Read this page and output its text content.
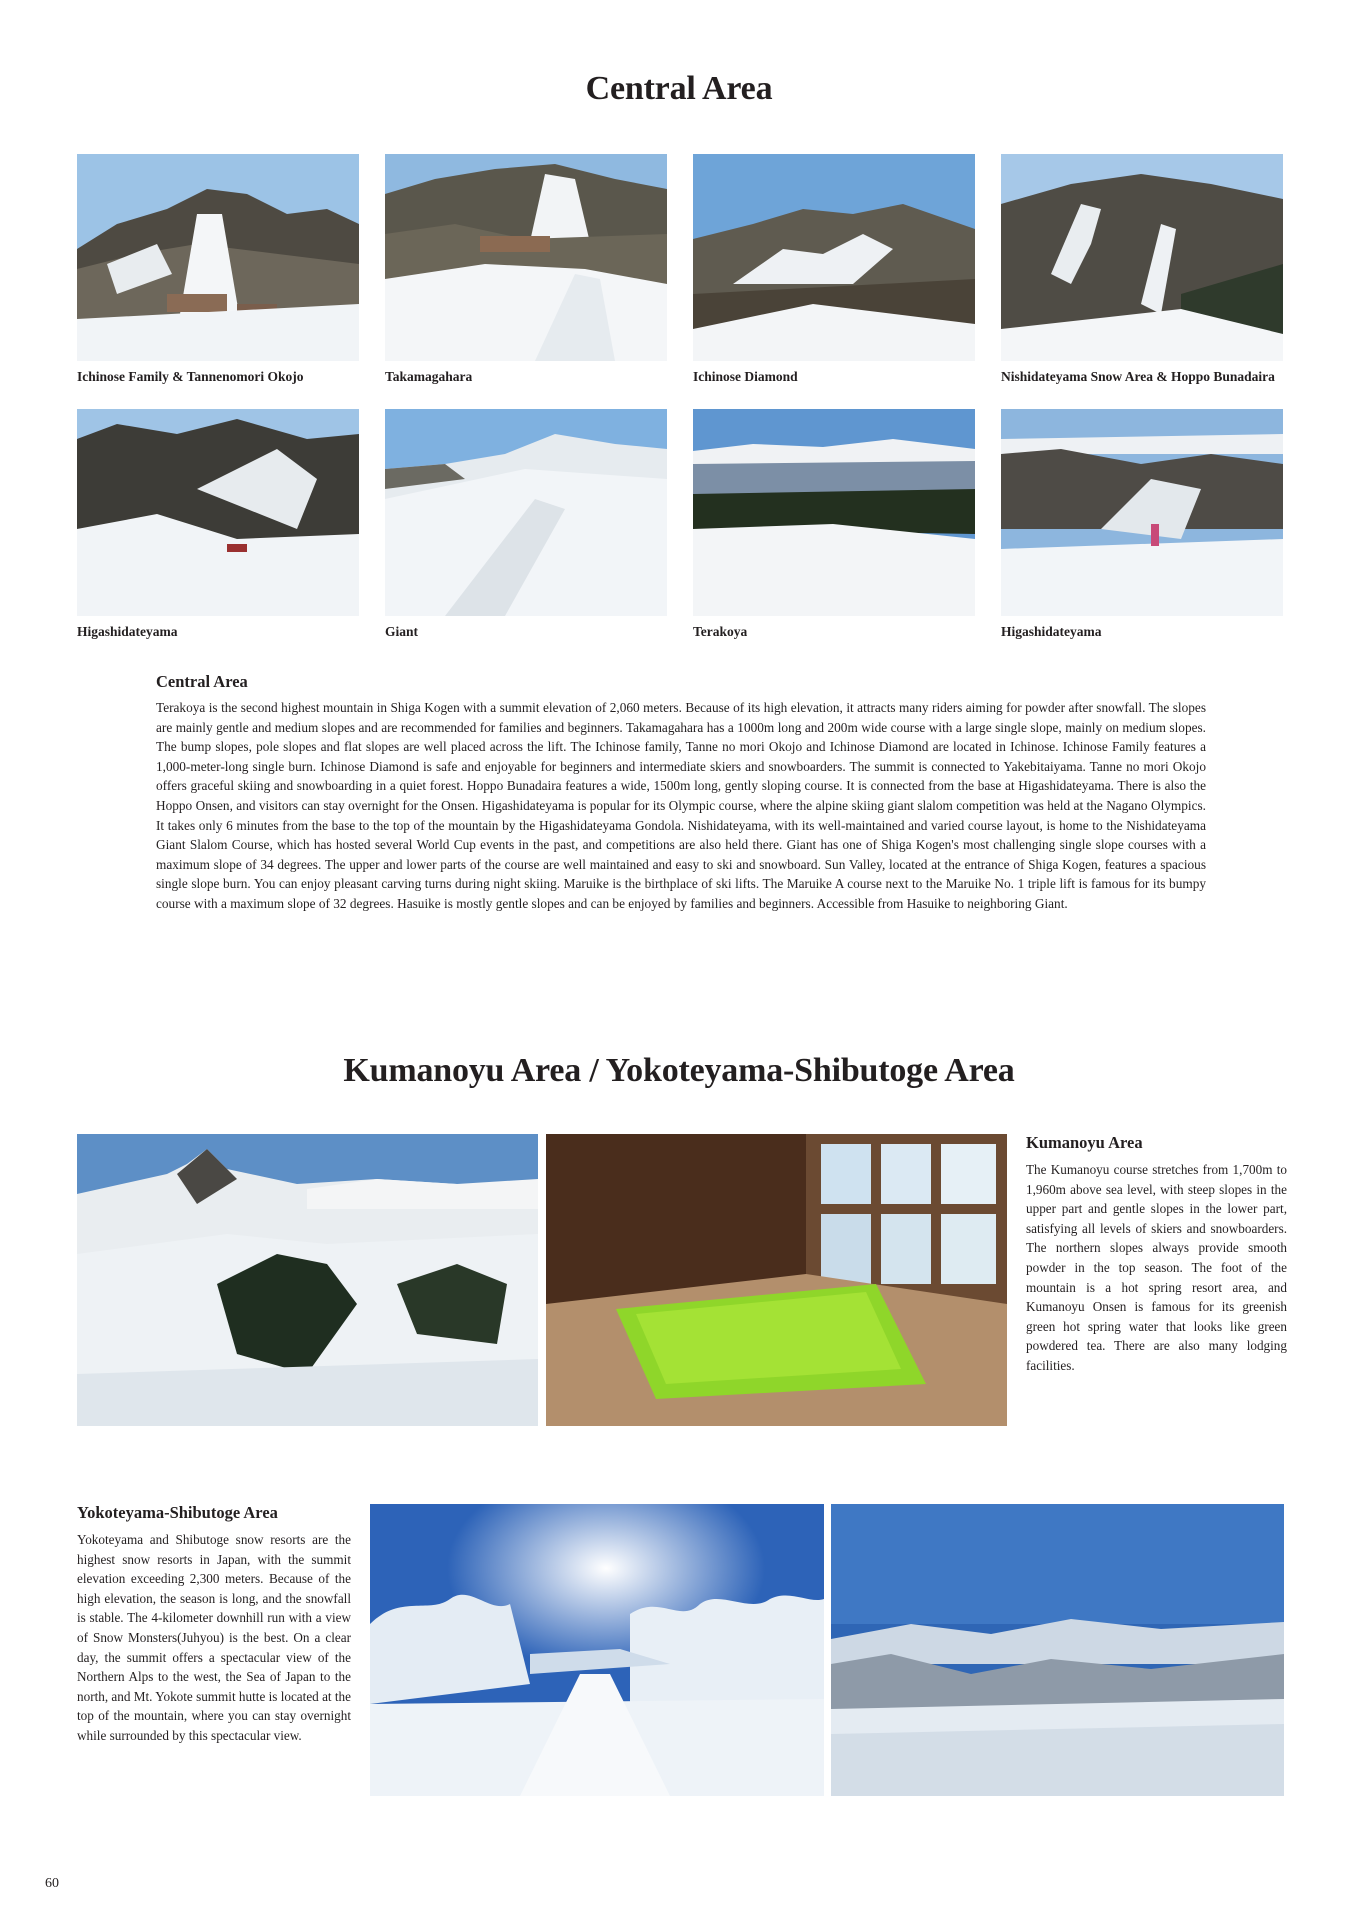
Central Area
Ichinose Family & Tannenomori Okojo	Takamagahara	Ichinose Diamond	Nishidateyama Snow Area & Hoppo Bunadaira
Higashidateyama	Giant	Terakoya	Higashidateyama
Central Area

Terakoya is the second highest mountain in Shiga Kogen with a summit elevation of 2,060 meters. Because of its high elevation, it attracts many riders aiming for powder after snowfall. The slopes are mainly gentle and medium slopes and are recommended for families and beginners. Takamagahara has a 1000m long and 200m wide course with a large single slope, mainly on medium slopes. The bump slopes, pole slopes and flat slopes are well placed across the lift. The Ichinose family, Tanne no mori Okojo and Ichinose Diamond are located in Ichinose. Ichinose Family features a 1,000-meter-long single burn. Ichinose Diamond is safe and enjoyable for beginners and intermediate skiers and snowboarders. The summit is connected to Yakebitaiyama. Tanne no mori Okojo offers graceful skiing and snowboarding in a quiet forest. Hoppo Bunadaira features a wide, 1500m long, gently sloping course. It is connected from the base at Higashidateyama. There is also the Hoppo Onsen, and visitors can stay overnight for the Onsen. Higashidateyama is popular for its Olympic course, where the alpine skiing giant slalom competition was held at the Nagano Olympics. It takes only 6 minutes from the base to the top of the mountain by the Higashidateyama Gondola. Nishidateyama, with its well-maintained and varied course layout, is home to the Nishidateyama Giant Slalom Course, which has hosted several World Cup events in the past, and competitions are also held there. Giant has one of Shiga Kogen's most challenging single slope courses with a maximum slope of 34 degrees. The upper and lower parts of the course are well maintained and easy to ski and snowboard. Sun Valley, located at the entrance of Shiga Kogen, features a spacious single slope burn. You can enjoy pleasant carving turns during night skiing. Maruike is the birthplace of ski lifts. The Maruike A course next to the Maruike No. 1 triple lift is famous for its bumpy course with a maximum slope of 32 degrees. Hasuike is mostly gentle slopes and can be enjoyed by families and beginners. Accessible from Hasuike to neighboring Giant.

Kumanoyu Area / Yokoteyama-Shibutoge Area
Kumanoyu Area

The Kumanoyu course stretches from 1,700m to 1,960m above sea level, with steep slopes in the upper part and gentle slopes in the lower part, satisfying all levels of skiers and snowboarders. The northern slopes always provide smooth powder in the top season. The foot of the mountain is a hot spring resort area, and Kumanoyu Onsen is famous for its greenish green hot spring water that looks like green powdered tea. There are also many lodging facilities.

Yokoteyama-Shibutoge Area

Yokoteyama and Shibutoge snow resorts are the highest snow resorts in Japan, with the summit elevation exceeding 2,300 meters. Because of the high elevation, the season is long, and the snowfall is stable. The 4-kilometer downhill run with a view of Snow Monsters(Juhyou) is the best. On a clear day, the summit offers a spectacular view of the Northern Alps to the west, the Sea of Japan to the north, and Mt. Yokote summit hutte is located at the top of the mountain, where you can stay overnight while surrounded by this spectacular view.

60
